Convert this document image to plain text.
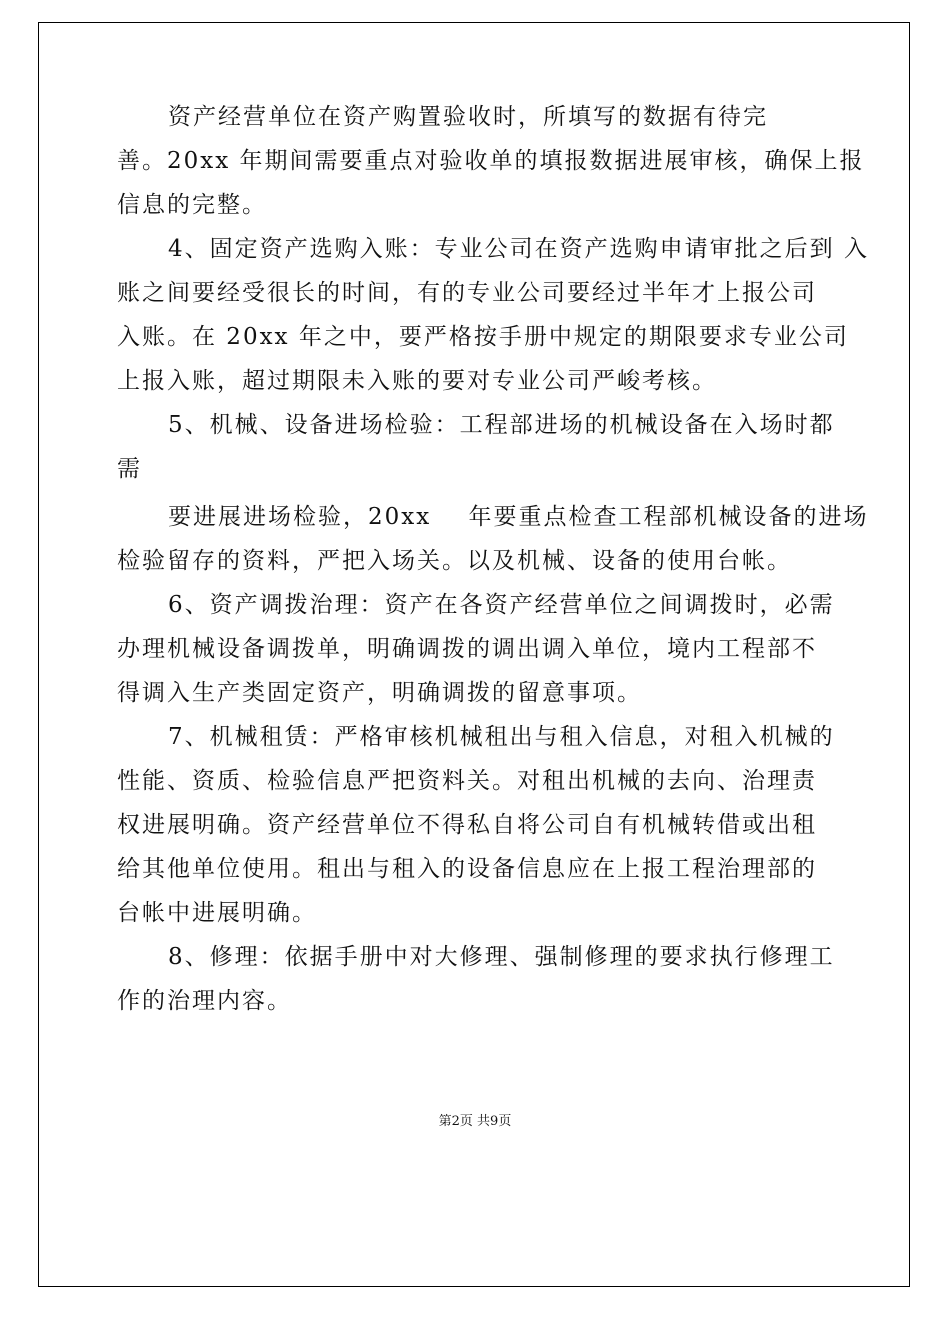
资产经营单位在资产购置验收时，所填写的数据有待完
善。20xx 年期间需要重点对验收单的填报数据进展审核，确保上报
信息的完整。
4、固定资产选购入账：专业公司在资产选购申请审批之后到 入
账之间要经受很长的时间，有的专业公司要经过半年才上报公司
入账。在 20xx 年之中，要严格按手册中规定的期限要求专业公司
上报入账，超过期限未入账的要对专业公司严峻考核。
5、机械、设备进场检验：工程部进场的机械设备在入场时都
需
要进展进场检验，20xx    年要重点检查工程部机械设备的进场
检验留存的资料，严把入场关。以及机械、设备的使用台帐。
6、资产调拨治理：资产在各资产经营单位之间调拨时，必需
办理机械设备调拨单，明确调拨的调出调入单位，境内工程部不
得调入生产类固定资产，明确调拨的留意事项。
7、机械租赁：严格审核机械租出与租入信息，对租入机械的
性能、资质、检验信息严把资料关。对租出机械的去向、治理责
权进展明确。资产经营单位不得私自将公司自有机械转借或出租
给其他单位使用。租出与租入的设备信息应在上报工程治理部的
台帐中进展明确。
8、修理：依据手册中对大修理、强制修理的要求执行修理工
作的治理内容。
第2页 共9页
